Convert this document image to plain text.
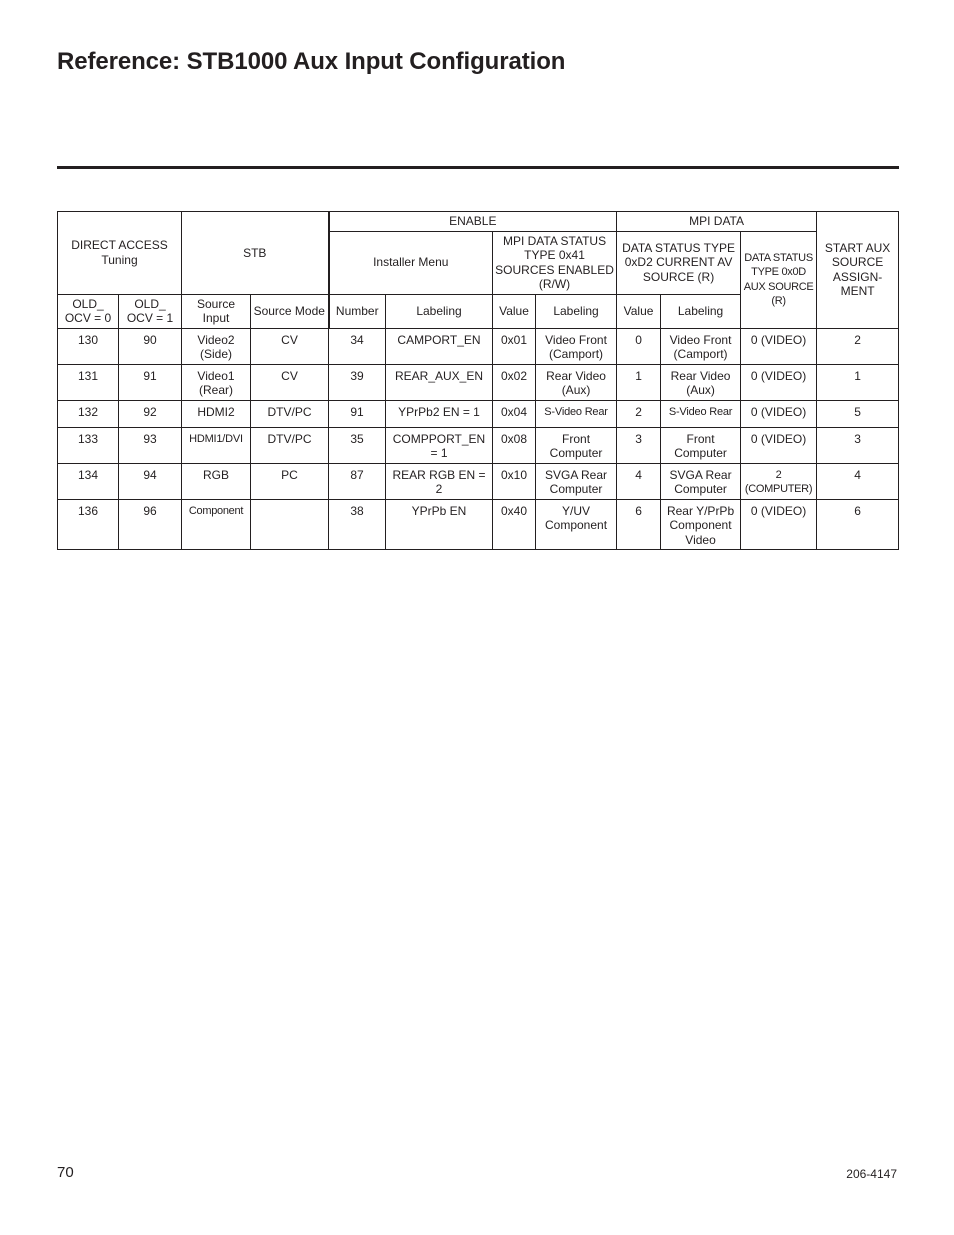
Reference: STB1000 Aux Input Configuration
DIRECT ACCESS
Tuning		STB		ENABLE				MPI DATA			START AUX SOURCE ASSIGN- MENT
				Installer Menu		MPI DATA STATUS TYPE 0x41 SOURCES ENABLED (R/W)		DATA STATUS TYPE 0xD2 CURRENT AV SOURCE (R)		DATA STATUS TYPE 0x0D AUX SOURCE (R)	
OLD_ OCV = 0	OLD_ OCV = 1	Source Input	Source Mode	Number	Labeling	Value	Labeling	Value	Labeling		
130	90	Video2 (Side)	CV	34	CAMPORT_EN	0x01	Video Front (Camport)	0	Video Front (Camport)	0 (VIDEO)	2
131	91	Video1 (Rear)	CV	39	REAR_AUX_EN	0x02	Rear Video (Aux)	1	Rear Video (Aux)	0 (VIDEO)	1
132	92	HDMI2	DTV/PC	91	YPrPb2 EN = 1	0x04	S-Video Rear	2	S-Video Rear	0 (VIDEO)	5
133	93	HDMI1/DVI	DTV/PC	35	COMPPORT_EN = 1	0x08	Front Computer	3	Front Computer	0 (VIDEO)	3
134	94	RGB	PC	87	REAR RGB EN = 2	0x10	SVGA Rear Computer	4	SVGA Rear Computer	2 (COMPUTER)	4
136	96	Component		38	YPrPb EN	0x40	Y/UV Component	6	Rear Y/PrPb Component Video	0 (VIDEO)	6
70	206-4147
